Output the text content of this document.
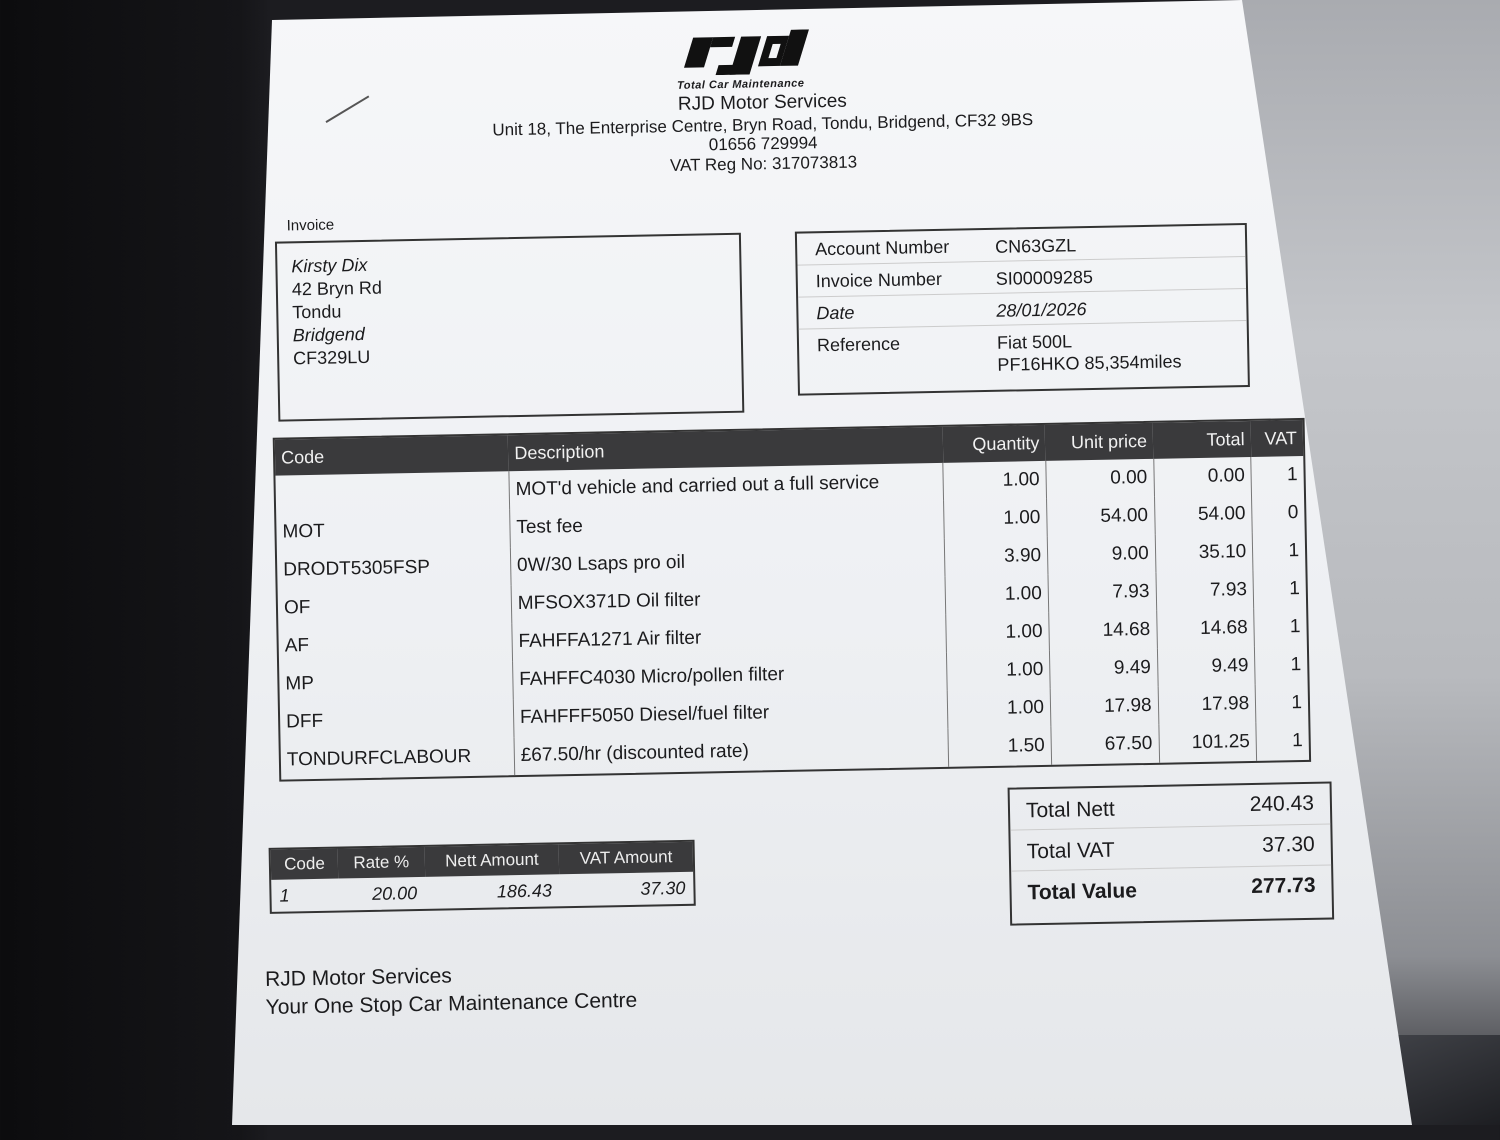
Total Car Maintenance
RJD Motor Services
Unit 18, The Enterprise Centre, Bryn Road, Tondu, Bridgend, CF32 9BS
01656 729994
VAT Reg No: 317073813
Invoice
Kirsty Dix
42 Bryn Rd
Tondu
Bridgend
CF329LU
Account Number	CN63GZL
Invoice Number	SI00009285
Date	28/01/2026
Reference	Fiat 500L
PF16HKO 85,354miles
Code	Description	Quantity	Unit price	Total	VAT
	MOT'd vehicle and carried out a full service	1.00	0.00	0.00	1
MOT	Test fee	1.00	54.00	54.00	0
DRODT5305FSP	0W/30 Lsaps pro oil	3.90	9.00	35.10	1
OF	MFSOX371D Oil filter	1.00	7.93	7.93	1
AF	FAHFFA1271 Air filter	1.00	14.68	14.68	1
MP	FAHFFC4030 Micro/pollen filter	1.00	9.49	9.49	1
DFF	FAHFFF5050 Diesel/fuel filter	1.00	17.98	17.98	1
TONDURFCLABOUR	£67.50/hr (discounted rate)	1.50	67.50	101.25	1
Code	Rate %	Nett Amount	VAT Amount
1	20.00	186.43	37.30
Total Nett	240.43
Total VAT	37.30
Total Value	277.73
RJD Motor Services
Your One Stop Car Maintenance Centre
